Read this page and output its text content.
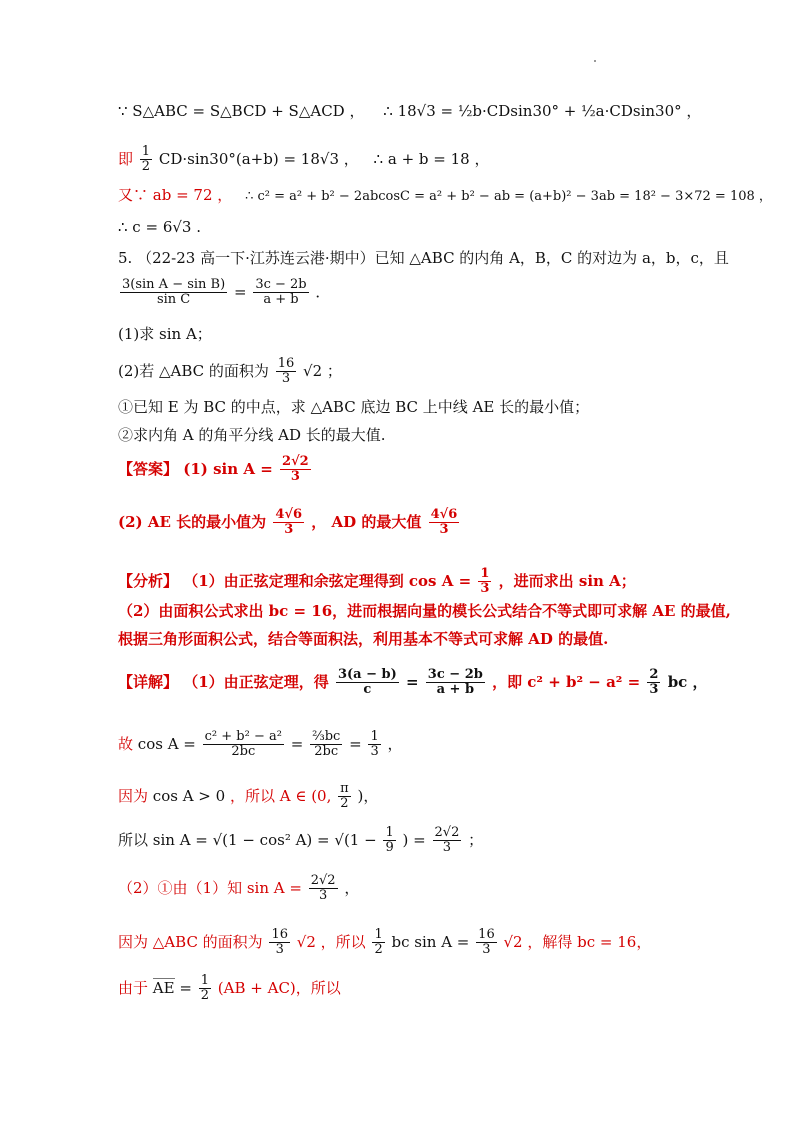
∵ S△ABC = S△BCD + S△ACD ， ∴ 18√3 = ½b·CDsin30° + ½a·CDsin30° ，
即 $\frac{1}{2} CD\cdot\sin 30^\circ(a+b) = 18√3$ ， ∴ a + b = 18 ，
又∵ ab = 72 ， ∴ c² = a² + b² − 2abcosC = a² + b² − ab = (a+b)² − 3ab = 18² − 3×72 = 108 ，
∴ c = 6√3 .
5. （22-23 高一下·江苏连云港·期中）已知 △ABC 的内角 A，B，C 的对边为 a，b，c，且
$\frac{\text{3(sin A − sin B)}}{\text{sin C}} = \frac{3c - 2b}{a + b}$ ．
(1)求 sin A；
(2)若 △ABC 的面积为 $\frac{16}{3} √2$ ；
①已知 E 为 BC 的中点，求 △ABC 底边 BC 上中线 AE 长的最小值；
②求内角 A 的角平分线 AD 长的最大值.
【答案】 (1) $\sin A = \frac{2√2}{3}$
(2) AE 长的最小值为 $\frac{4√6}{3}$ ， AD 的最大值 $\frac{4√6}{3}$
【分析】 （1）由正弦定理和余弦定理得到 $\cos A = \frac{1}{3}$ ，进而求出 sin A；
（2）由面积公式求出 bc = 16，进而根据向量的模长公式结合不等式即可求解 AE 的最值,
根据三角形面积公式，结合等面积法，利用基本不等式可求解 AD 的最值.
【详解】 （1）由正弦定理，得 $\frac{3(a - b)}{c} = \frac{3c - 2b}{a + b}$ ，即 $c^2 + b^2 - a^2 = \frac{2}{3}$ bc ，
故 $\cos A = \frac{\text{c² + b² − a²}}{2bc} = \frac{\text{⅔bc}}{2bc} = \frac{1}{3}$ ，
因为 cos A > 0 ，所以 A ∈ (0, $\frac{\pi}{2}$ )，
所以 sin A = √(1 − cos² $A) = √(1 - \frac{1}{9}$ ) = $\frac{2√2}{3}$ ；
（2）①由（1）知 $\sin A = \frac{2√2}{3}$ ，
因为 △ABC 的面积为 $\frac{16}{3} √2$ ，所以 $\frac{1}{2}$ bc $\sin A = \frac{16}{3} √2$ ，解得 bc = 16，
由于 AE = $\frac{1}{2} (AB + AC)$，所以
